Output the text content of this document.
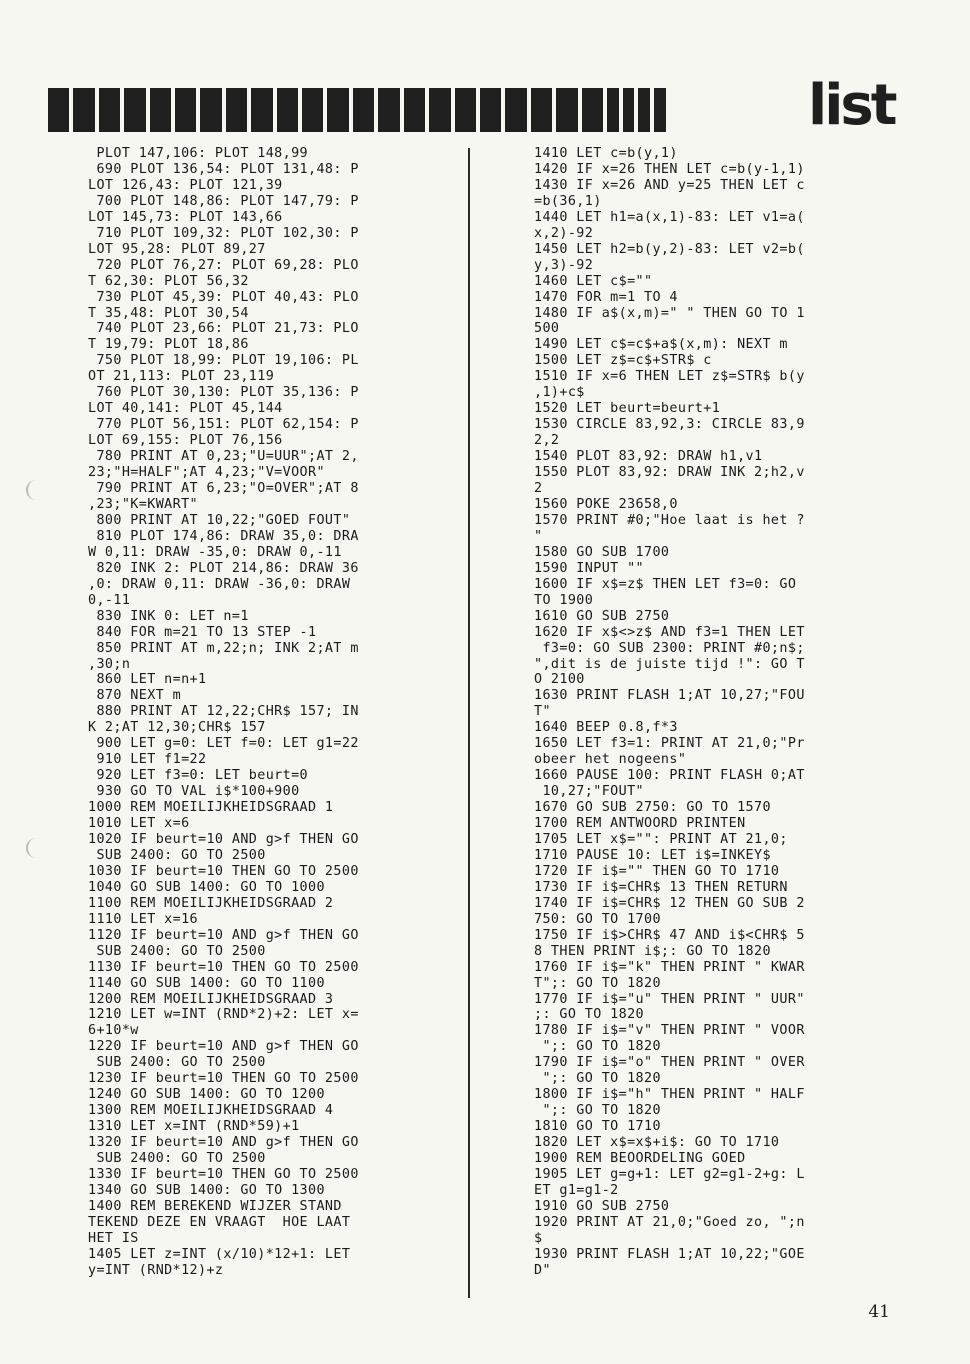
list
PLOT 147,106: PLOT 148,99
690 PLOT 136,54: PLOT 131,48: P
LOT 126,43: PLOT 121,39
700 PLOT 148,86: PLOT 147,79: P
LOT 145,73: PLOT 143,66
710 PLOT 109,32: PLOT 102,30: P
LOT 95,28: PLOT 89,27
720 PLOT 76,27: PLOT 69,28: PLO
T 62,30: PLOT 56,32
730 PLOT 45,39: PLOT 40,43: PLO
T 35,48: PLOT 30,54
740 PLOT 23,66: PLOT 21,73: PLO
T 19,79: PLOT 18,86
750 PLOT 18,99: PLOT 19,106: PL
OT 21,113: PLOT 23,119
760 PLOT 30,130: PLOT 35,136: P
LOT 40,141: PLOT 45,144
770 PLOT 56,151: PLOT 62,154: P
LOT 69,155: PLOT 76,156
780 PRINT AT 0,23;"U=UUR";AT 2,
23;"H=HALF";AT 4,23;"V=VOOR"
790 PRINT AT 6,23;"O=OVER";AT 8
,23;"K=KWART"
800 PRINT AT 10,22;"GOED FOUT"
810 PLOT 174,86: DRAW 35,0: DRA
W 0,11: DRAW -35,0: DRAW 0,-11
820 INK 2: PLOT 214,86: DRAW 36
,0: DRAW 0,11: DRAW -36,0: DRAW
0,-11
830 INK 0: LET n=1
840 FOR m=21 TO 13 STEP -1
850 PRINT AT m,22;n; INK 2;AT m
,30;n
860 LET n=n+1
870 NEXT m
880 PRINT AT 12,22;CHR$ 157; IN
K 2;AT 12,30;CHR$ 157
900 LET g=0: LET f=0: LET g1=22
910 LET f1=22
920 LET f3=0: LET beurt=0
930 GO TO VAL i$*100+900
1000 REM MOEILIJKHEIDSGRAAD 1
1010 LET x=6
1020 IF beurt=10 AND g>f THEN GO
SUB 2400: GO TO 2500
1030 IF beurt=10 THEN GO TO 2500
1040 GO SUB 1400: GO TO 1000
1100 REM MOEILIJKHEIDSGRAAD 2
1110 LET x=16
1120 IF beurt=10 AND g>f THEN GO
SUB 2400: GO TO 2500
1130 IF beurt=10 THEN GO TO 2500
1140 GO SUB 1400: GO TO 1100
1200 REM MOEILIJKHEIDSGRAAD 3
1210 LET w=INT (RND*2)+2: LET x=
6+10*w
1220 IF beurt=10 AND g>f THEN GO
SUB 2400: GO TO 2500
1230 IF beurt=10 THEN GO TO 2500
1240 GO SUB 1400: GO TO 1200
1300 REM MOEILIJKHEIDSGRAAD 4
1310 LET x=INT (RND*59)+1
1320 IF beurt=10 AND g>f THEN GO
SUB 2400: GO TO 2500
1330 IF beurt=10 THEN GO TO 2500
1340 GO SUB 1400: GO TO 1300
1400 REM BEREKEND WIJZER STAND
TEKEND DEZE EN VRAAGT  HOE LAAT
HET IS
1405 LET z=INT (x/10)*12+1: LET
y=INT (RND*12)+z
1410 LET c=b(y,1)
1420 IF x=26 THEN LET c=b(y-1,1)
1430 IF x=26 AND y=25 THEN LET c
=b(36,1)
1440 LET h1=a(x,1)-83: LET v1=a(
x,2)-92
1450 LET h2=b(y,2)-83: LET v2=b(
y,3)-92
1460 LET c$=""
1470 FOR m=1 TO 4
1480 IF a$(x,m)=" " THEN GO TO 1
500
1490 LET c$=c$+a$(x,m): NEXT m
1500 LET z$=c$+STR$ c
1510 IF x=6 THEN LET z$=STR$ b(y
,1)+c$
1520 LET beurt=beurt+1
1530 CIRCLE 83,92,3: CIRCLE 83,9
2,2
1540 PLOT 83,92: DRAW h1,v1
1550 PLOT 83,92: DRAW INK 2;h2,v
2
1560 POKE 23658,0
1570 PRINT #0;"Hoe laat is het ?
"
1580 GO SUB 1700
1590 INPUT ""
1600 IF x$=z$ THEN LET f3=0: GO
TO 1900
1610 GO SUB 2750
1620 IF x$<>z$ AND f3=1 THEN LET
f3=0: GO SUB 2300: PRINT #0;n$;
",dit is de juiste tijd !": GO T
O 2100
1630 PRINT FLASH 1;AT 10,27;"FOU
T"
1640 BEEP 0.8,f*3
1650 LET f3=1: PRINT AT 21,0;"Pr
obeer het nogeens"
1660 PAUSE 100: PRINT FLASH 0;AT
10,27;"FOUT"
1670 GO SUB 2750: GO TO 1570
1700 REM ANTWOORD PRINTEN
1705 LET x$="": PRINT AT 21,0;
1710 PAUSE 10: LET i$=INKEY$
1720 IF i$="" THEN GO TO 1710
1730 IF i$=CHR$ 13 THEN RETURN
1740 IF i$=CHR$ 12 THEN GO SUB 2
750: GO TO 1700
1750 IF i$>CHR$ 47 AND i$<CHR$ 5
8 THEN PRINT i$;: GO TO 1820
1760 IF i$="k" THEN PRINT " KWAR
T";: GO TO 1820
1770 IF i$="u" THEN PRINT " UUR"
;: GO TO 1820
1780 IF i$="v" THEN PRINT " VOOR
";: GO TO 1820
1790 IF i$="o" THEN PRINT " OVER
";: GO TO 1820
1800 IF i$="h" THEN PRINT " HALF
";: GO TO 1820
1810 GO TO 1710
1820 LET x$=x$+i$: GO TO 1710
1900 REM BEOORDELING GOED
1905 LET g=g+1: LET g2=g1-2+g: L
ET g1=g1-2
1910 GO SUB 2750
1920 PRINT AT 21,0;"Goed zo, ";n
$
1930 PRINT FLASH 1;AT 10,22;"GOE
D"
41
